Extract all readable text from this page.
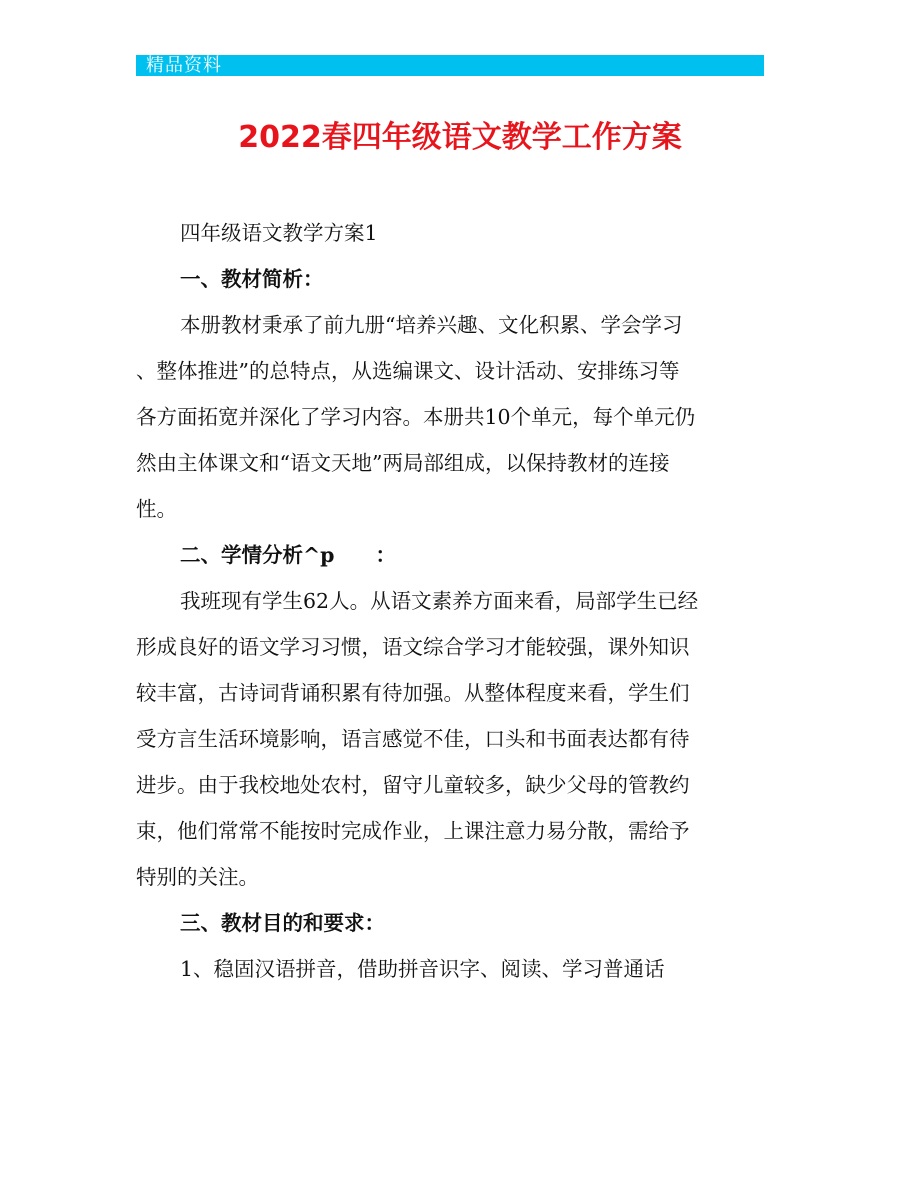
精品资料
2022春四年级语文教学工作方案
四年级语文教学方案1
一、教材简析：
本册教材秉承了前九册“培养兴趣、文化积累、学会学习
、整体推进”的总特点，从选编课文、设计活动、安排练习等
各方面拓宽并深化了学习内容。本册共10个单元，每个单元仍
然由主体课文和“语文天地”两局部组成，以保持教材的连接
性。
二、学情分析^p　　：
我班现有学生62人。从语文素养方面来看，局部学生已经
形成良好的语文学习习惯，语文综合学习才能较强，课外知识
较丰富，古诗词背诵积累有待加强。从整体程度来看，学生们
受方言生活环境影响，语言感觉不佳，口头和书面表达都有待
进步。由于我校地处农村，留守儿童较多，缺少父母的管教约
束，他们常常不能按时完成作业，上课注意力易分散，需给予
特别的关注。
三、教材目的和要求：
1、稳固汉语拼音，借助拼音识字、阅读、学习普通话
